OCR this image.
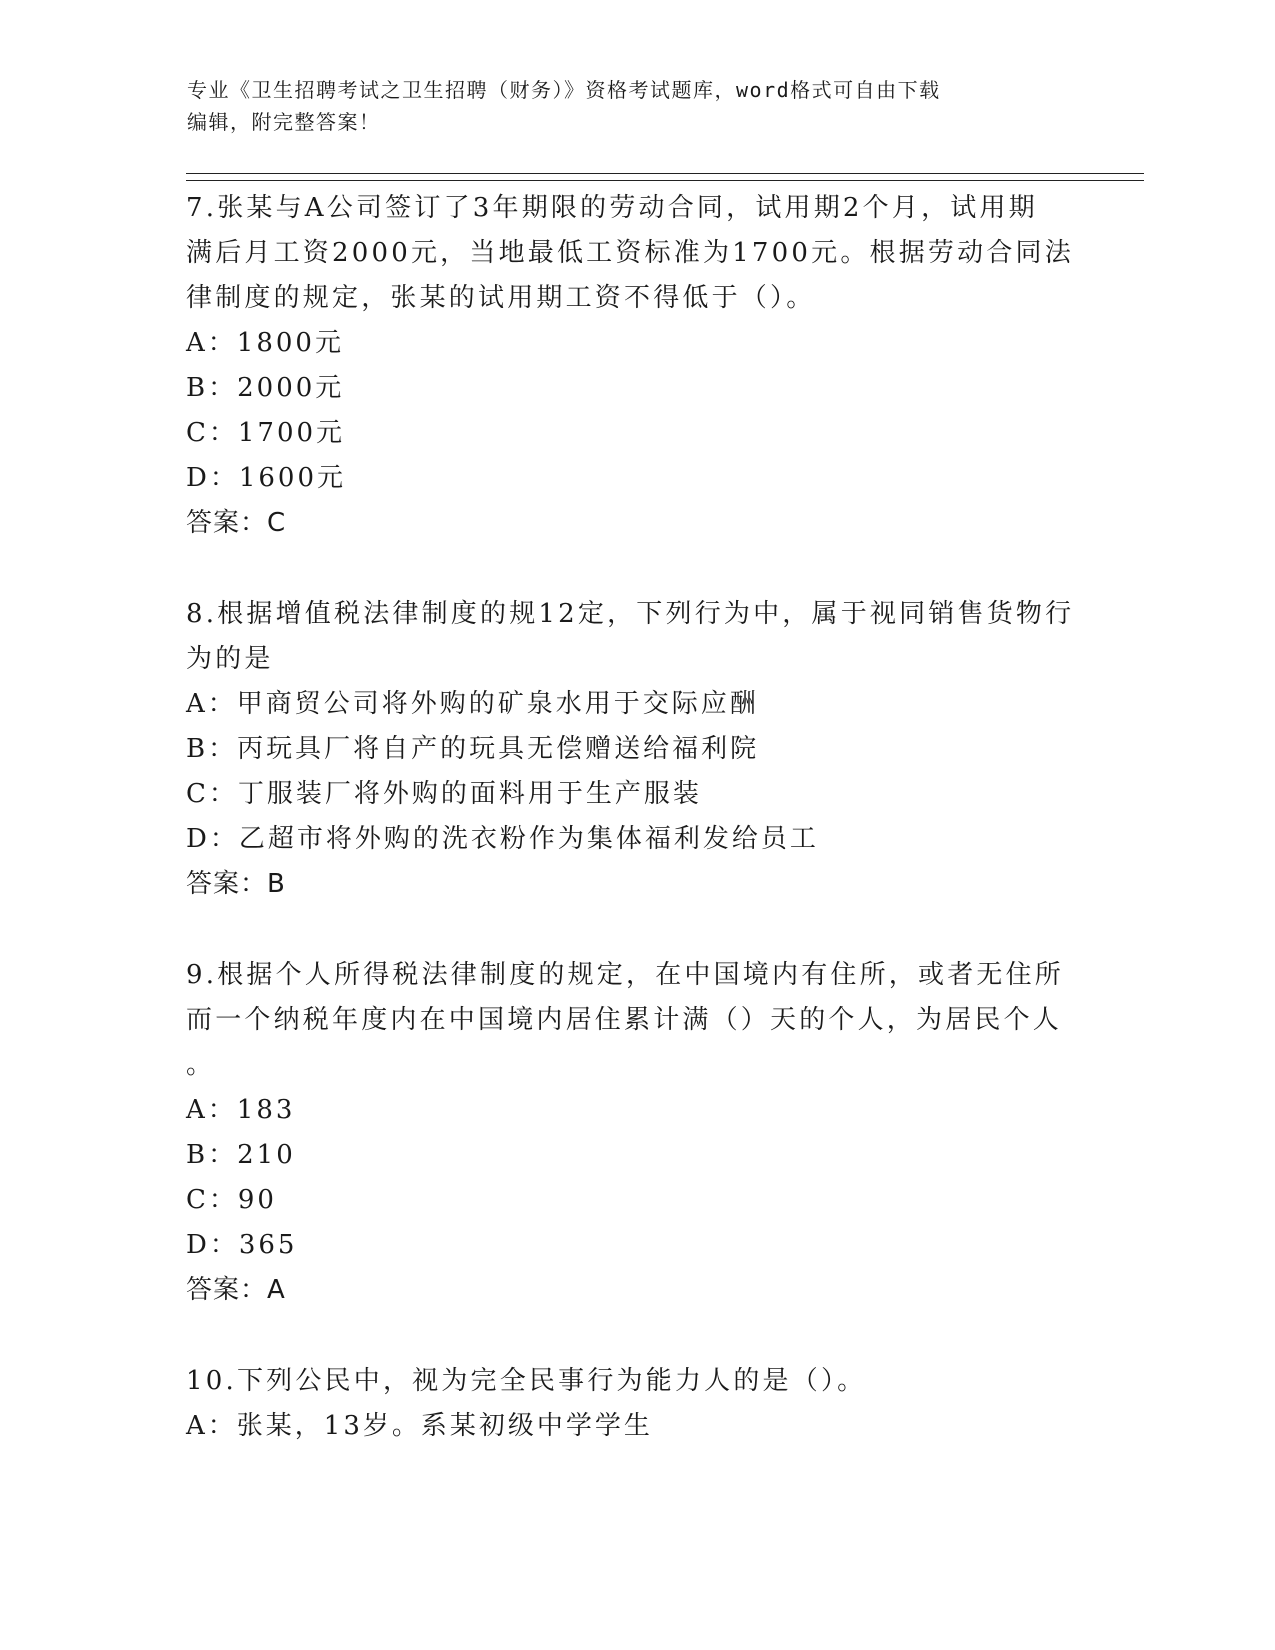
专业《卫生招聘考试之卫生招聘（财务）》资格考试题库，word格式可自由下载
编辑，附完整答案！
7.张某与A公司签订了3年期限的劳动合同，试用期2个月，试用期
满后月工资2000元，当地最低工资标准为1700元。根据劳动合同法
律制度的规定，张某的试用期工资不得低于（）。
A：1800元
B：2000元
C：1700元
D：1600元
答案：C
8.根据增值税法律制度的规12定，下列行为中，属于视同销售货物行
为的是
A：甲商贸公司将外购的矿泉水用于交际应酬
B：丙玩具厂将自产的玩具无偿赠送给福利院
C：丁服装厂将外购的面料用于生产服装
D：乙超市将外购的洗衣粉作为集体福利发给员工
答案：B
9.根据个人所得税法律制度的规定，在中国境内有住所，或者无住所
而一个纳税年度内在中国境内居住累计满（）天的个人，为居民个人
。
A：183
B：210
C：90
D：365
答案：A
10.下列公民中，视为完全民事行为能力人的是（）。
A：张某，13岁。系某初级中学学生
